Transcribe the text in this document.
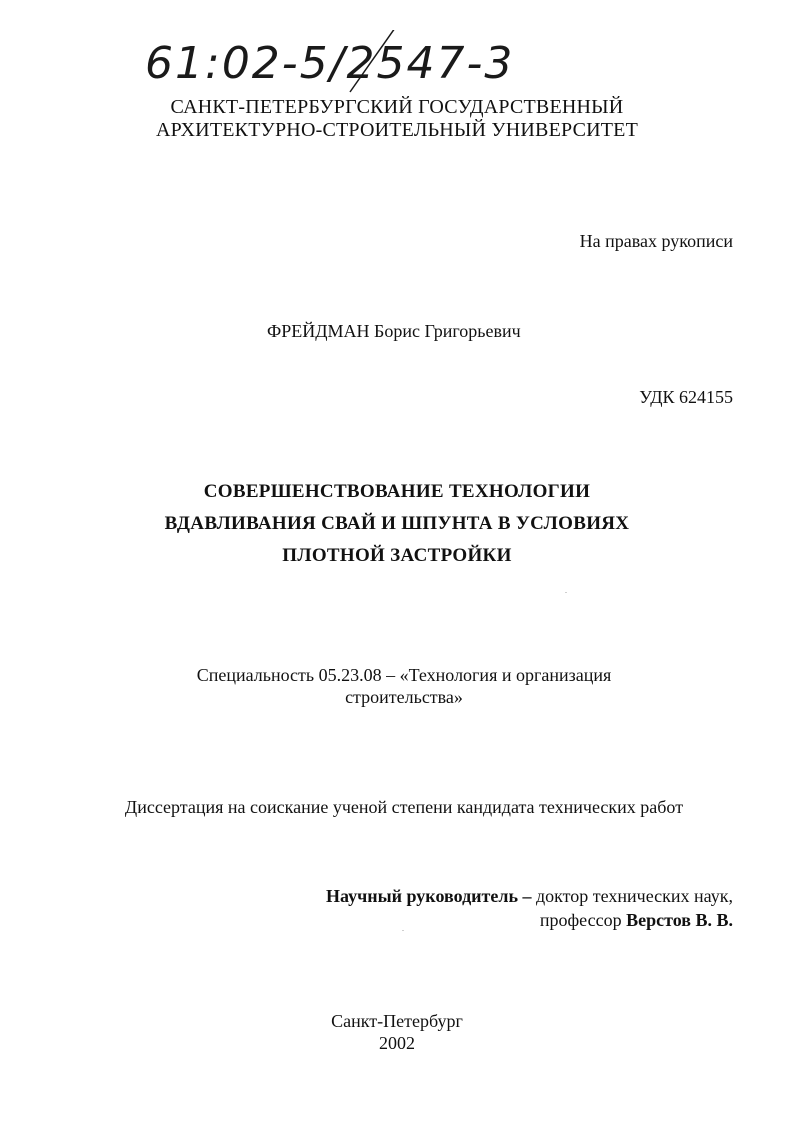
61:02-5/2547-3
САНКТ-ПЕТЕРБУРГСКИЙ ГОСУДАРСТВЕННЫЙ
АРХИТЕКТУРНО-СТРОИТЕЛЬНЫЙ УНИВЕРСИТЕТ
На правах рукописи
ФРЕЙДМАН Борис Григорьевич
УДК 624155
СОВЕРШЕНСТВОВАНИЕ ТЕХНОЛОГИИ
ВДАВЛИВАНИЯ СВАЙ И ШПУНТА В УСЛОВИЯХ
ПЛОТНОЙ ЗАСТРОЙКИ
Специальность 05.23.08 – «Технология и организация
строительства»
Диссертация на соискание ученой степени кандидата технических работ
Научный руководитель – доктор технических наук,
профессор Верстов В. В.
Санкт-Петербург
2002
